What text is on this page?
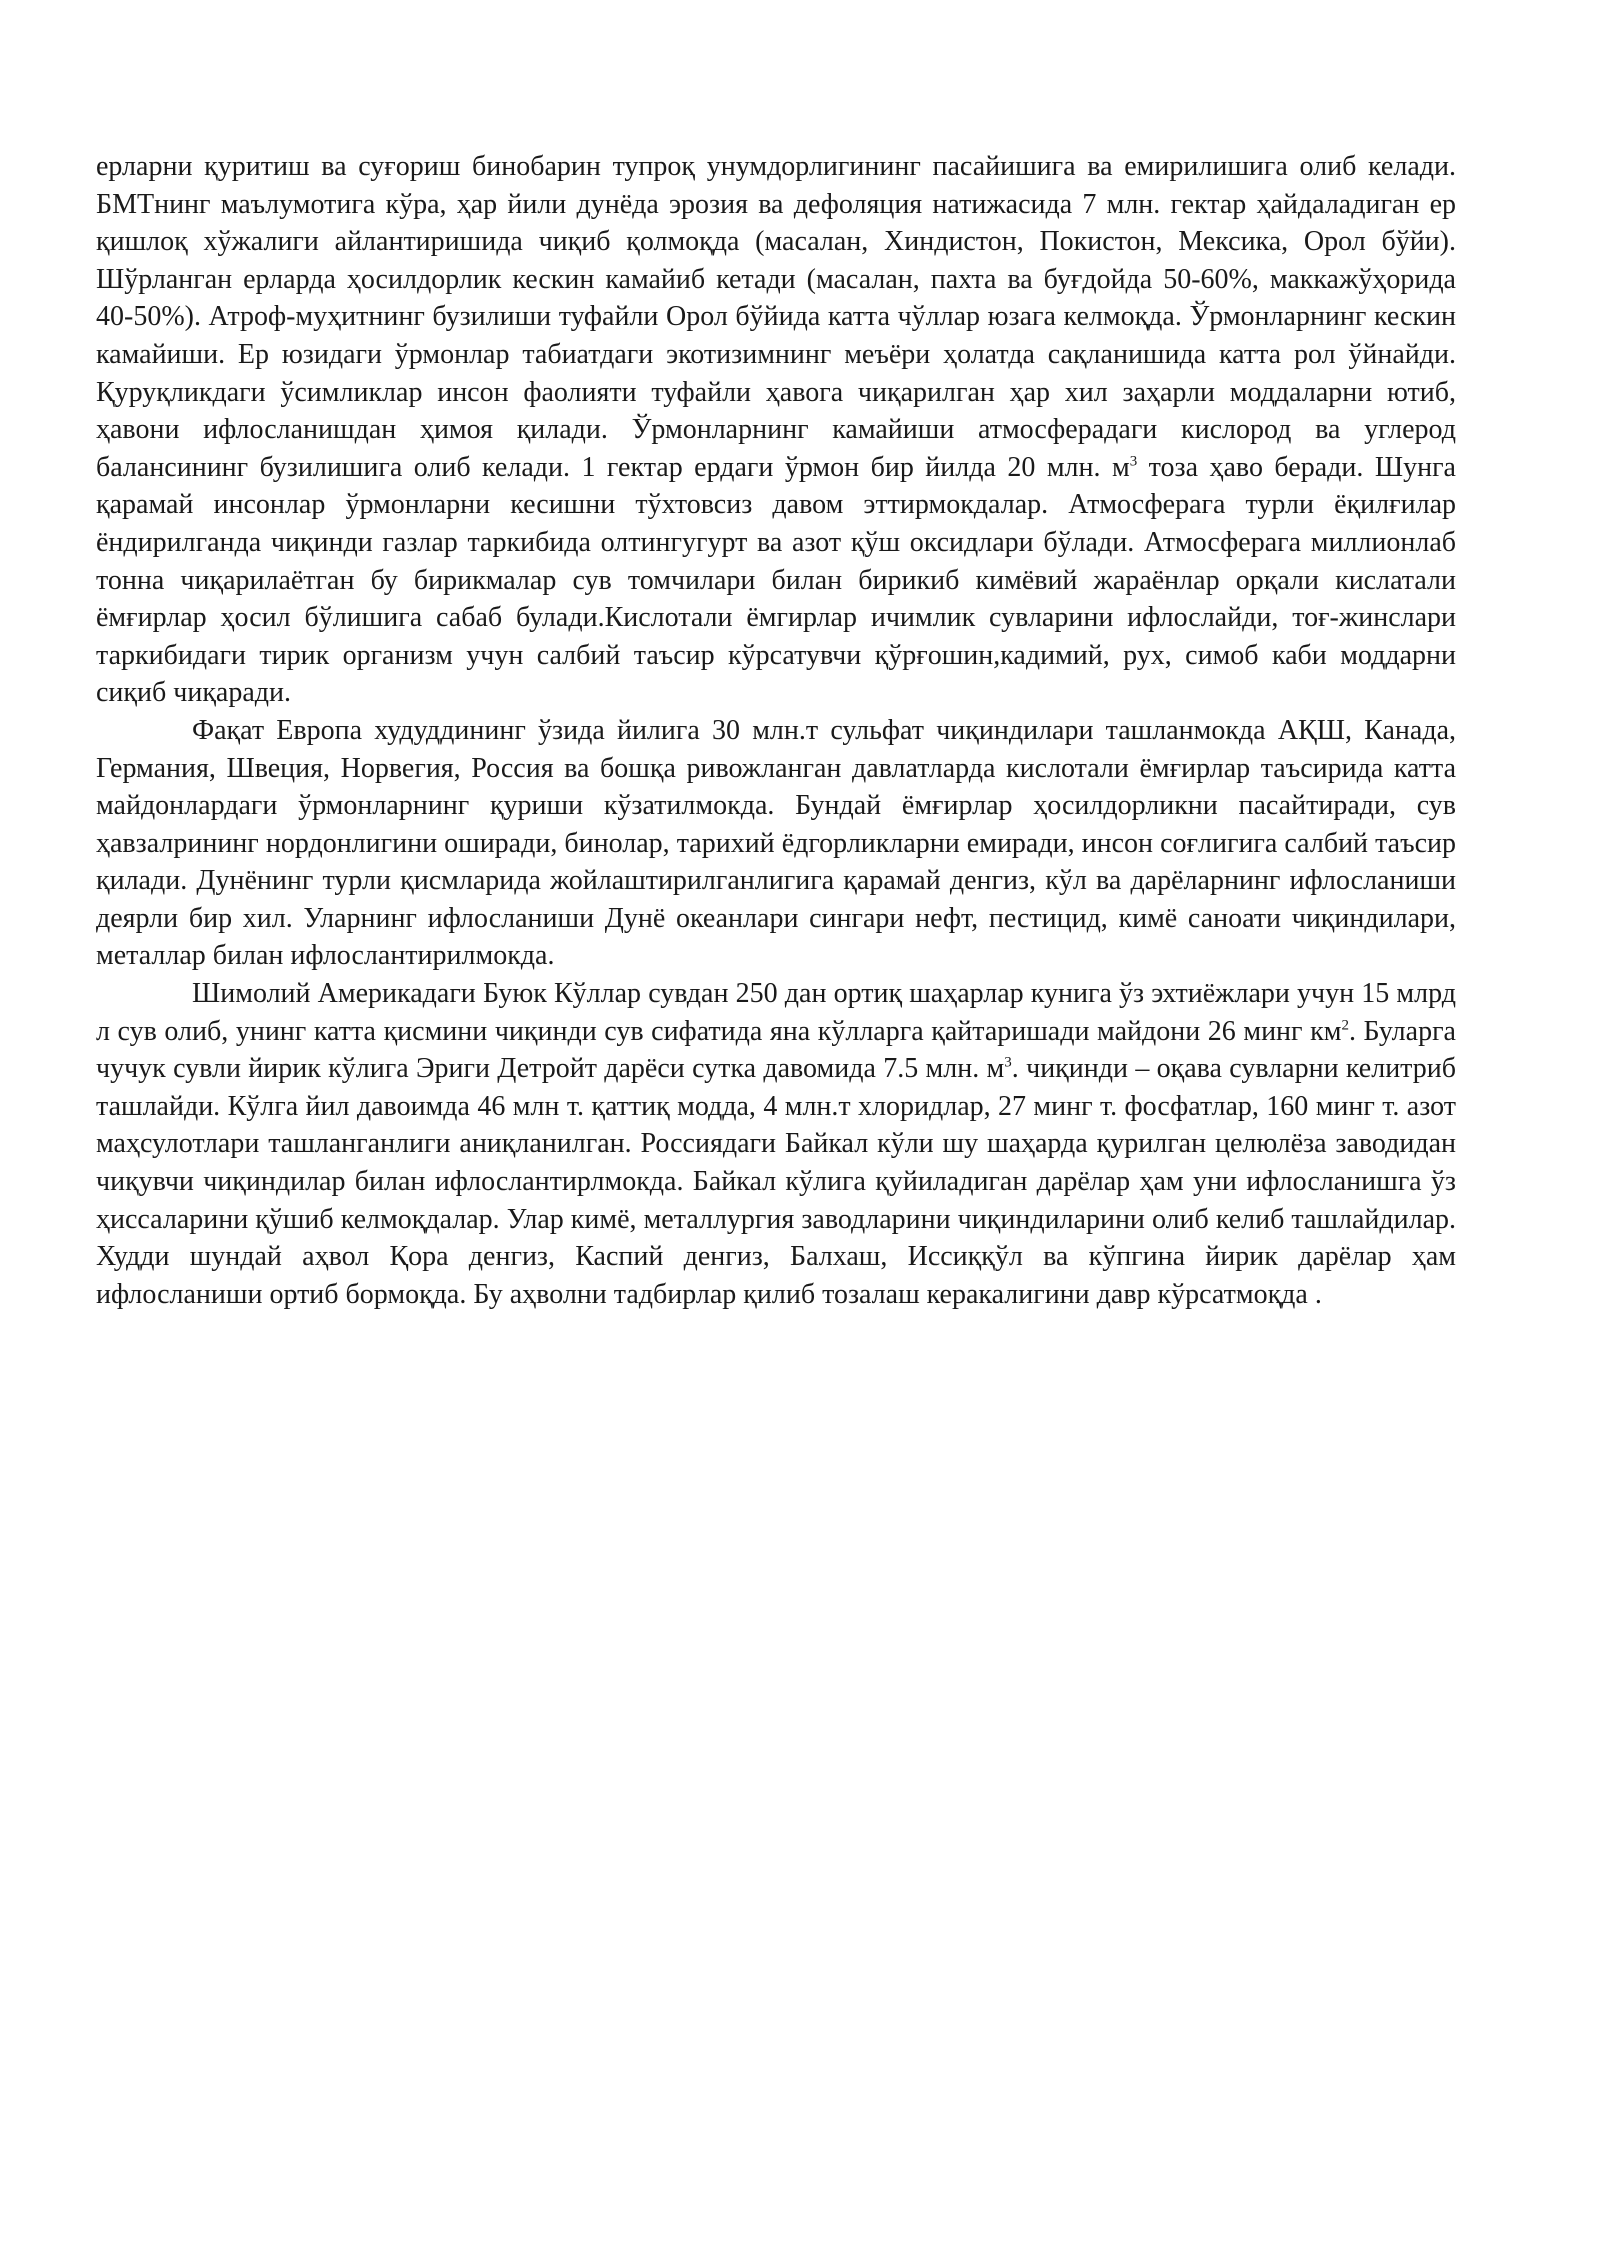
ерларни қуритиш ва суғориш бинобарин тупроқ унумдорлигининг пасайишига ва емирилишига олиб келади. БМТнинг маълумотига кўра, ҳар йили дунёда эрозия ва дефоляция натижасида 7 млн. гектар ҳайдаладиган ер қишлоқ хўжалиги айлантиришида чиқиб қолмоқда (масалан, Хиндистон, Покистон, Мексика, Орол бўйи). Шўрланган ерларда ҳосилдорлик кескин камайиб кетади (масалан, пахта ва буғдойда 50-60%, маккажўҳорида 40-50%). Атроф-муҳитнинг бузилиши туфайли Орол бўйида катта чўллар юзага келмоқда. Ўрмонларнинг кескин камайиши. Ер юзидаги ўрмонлар табиатдаги экотизимнинг меъёри ҳолатда сақланишида катта рол ўйнайди. Қуруқликдаги ўсимликлар инсон фаолияти туфайли ҳавога чиқарилган ҳар хил заҳарли моддаларни ютиб, ҳавони ифлосланишдан ҳимоя қилади. Ўрмонларнинг камайиши атмосферадаги кислород ва углерод балансининг бузилишига олиб келади. 1 гектар ердаги ўрмон бир йилда 20 млн. $м^3$ тоза ҳаво беради. Шунга қарамай инсонлар ўрмонларни кесишни тўхтовсиз давом эттирмокдалар. Атмосферага турли ёқилғилар ёндирилганда чиқинди газлар таркибида олтингугурт ва азот қўш оксидлари бўлади. Атмосферага миллионлаб тонна чиқарилаётган бу бирикмалар сув томчилари билан бирикиб кимёвий жараёнлар орқали кислатали ёмғирлар ҳосил бўлишига сабаб булади.Кислотали ёмгирлар ичимлик сувларини ифлослайди, тоғ-жинслари таркибидаги тирик организм учун салбий таъсир кўрсатувчи қўрғошин,кадимий, рух, симоб каби моддарни сиқиб чиқаради.

Фақат Европа худуддининг ўзида йилига 30 млн.т сульфат чиқиндилари ташланмокда АҚШ, Канада, Германия, Швеция, Норвегия, Россия ва бошқа ривожланган давлатларда кислотали ёмғирлар таъсирида катта майдонлардаги ўрмонларнинг қуриши кўзатилмокда. Бундай ёмғирлар ҳосилдорликни пасайтиради, сув ҳавзалрининг нордонлигини оширади, бинолар, тарихий ёдгорликларни емиради, инсон соғлигига салбий таъсир қилади. Дунёнинг турли қисмларида жойлаштирилганлигига қарамай денгиз, кўл ва дарёларнинг ифлосланиши деярли бир хил. Уларнинг ифлосланиши Дунё океанлари сингари нефт, пестицид, кимё саноати чиқиндилари, металлар билан ифлослантирилмокда.

Шимолий Америкадаги Буюк Кўллар сувдан 250 дан ортиқ шаҳарлар кунига ўз эхтиёжлари учун 15 млрд л сув олиб, унинг катта қисмини чиқинди сув сифатида яна кўлларга қайтаришади майдони 26 минг $км^2$. Буларга чучук сувли йирик кўлига Эриги Детройт дарёси сутка давомида 7.5 млн. $м^3$. чиқинди – оқава сувларни келитриб ташлайди. Кўлга йил давоимда 46 млн т. қаттиқ модда, 4 млн.т хлоридлар, 27 минг т. фосфатлар, 160 минг т. азот маҳсулотлари ташланганлиги аниқланилган. Россиядаги Байкал кўли шу шаҳарда қурилган целюлёза заводидан чиқувчи чиқиндилар билан ифлослантирлмокда. Байкал кўлига қуйиладиган дарёлар ҳам уни ифлосланишга ўз ҳиссаларини қўшиб келмоқдалар. Улар кимё, металлургия заводларини чиқиндиларини олиб келиб ташлайдилар. Худди шундай аҳвол Қора денгиз, Каспий денгиз, Балхаш, Иссиққўл ва кўпгина йирик дарёлар ҳам ифлосланиши ортиб бормоқда. Бу аҳволни тадбирлар қилиб тозалаш керакалигини давр кўрсатмоқда .
